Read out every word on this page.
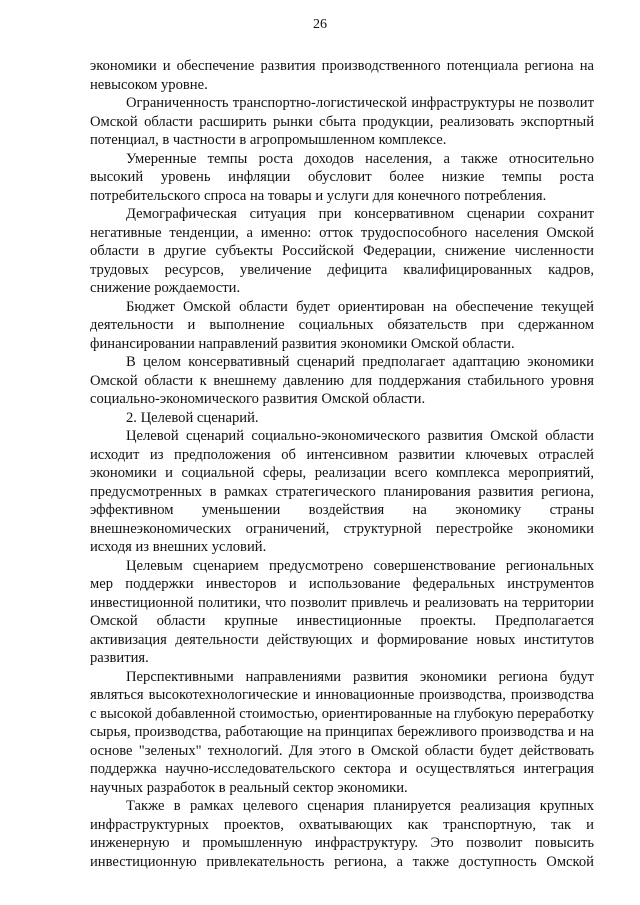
26

экономики и обеспечение развития производственного потенциала региона на невысоком уровне.

Ограниченность транспортно-логистической инфраструктуры не позволит Омской области расширить рынки сбыта продукции, реализовать экспортный потенциал, в частности в агропромышленном комплексе.

Умеренные темпы роста доходов населения, а также относительно высокий уровень инфляции обусловит более низкие темпы роста потребительского спроса на товары и услуги для конечного потребления.

Демографическая ситуация при консервативном сценарии сохранит негативные тенденции, а именно: отток трудоспособного населения Омской области в другие субъекты Российской Федерации, снижение численности трудовых ресурсов, увеличение дефицита квалифицированных кадров, снижение рождаемости.

Бюджет Омской области будет ориентирован на обеспечение текущей деятельности и выполнение социальных обязательств при сдержанном финансировании направлений развития экономики Омской области.

В целом консервативный сценарий предполагает адаптацию экономики Омской области к внешнему давлению для поддержания стабильного уровня социально-экономического развития Омской области.

2. Целевой сценарий.

Целевой сценарий социально-экономического развития Омской области исходит из предположения об интенсивном развитии ключевых отраслей экономики и социальной сферы, реализации всего комплекса мероприятий, предусмотренных в рамках стратегического планирования развития региона, эффективном уменьшении воздействия на экономику страны внешнеэкономических ограничений, структурной перестройке экономики исходя из внешних условий.

Целевым сценарием предусмотрено совершенствование региональных мер поддержки инвесторов и использование федеральных инструментов инвестиционной политики, что позволит привлечь и реализовать на территории Омской области крупные инвестиционные проекты. Предполагается активизация деятельности действующих и формирование новых институтов развития.

Перспективными направлениями развития экономики региона будут являться высокотехнологические и инновационные производства, производства с высокой добавленной стоимостью, ориентированные на глубокую переработку сырья, производства, работающие на принципах бережливого производства и на основе "зеленых" технологий. Для этого в Омской области будет действовать поддержка научно-исследовательского сектора и осуществляться интеграция научных разработок в реальный сектор экономики.

Также в рамках целевого сценария планируется реализация крупных инфраструктурных проектов, охватывающих как транспортную, так и инженерную и промышленную инфраструктуру. Это позволит повысить инвестиционную привлекательность региона, а также доступность Омской
